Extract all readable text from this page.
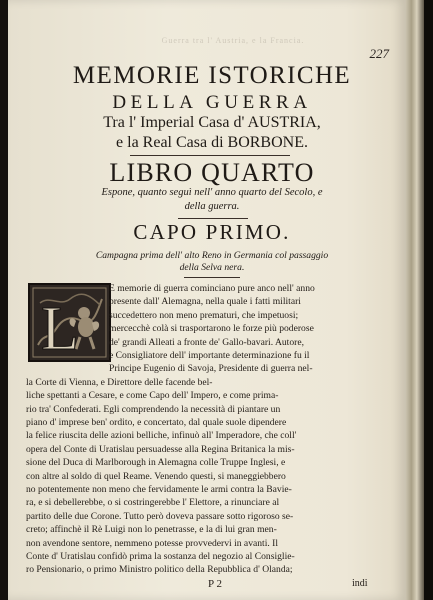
Guerra tra l' Austria, e la Francia.
227
MEMORIE ISTORICHE
DELLA GUERRA
Tra l' Imperial Casa d' AUSTRIA,
e la Real Casa di BORBONE.
LIBRO QUARTO
Espone, quanto seguì nell' anno quarto del Secolo, e
della guerra.
CAPO PRIMO.
Campagna prima dell' alto Reno in Germania col passaggio
della Selva nera.
L
E memorie di guerra cominciano pure anco nell' anno
presente dall' Alemagna, nella quale i fatti militari
succedettero non meno prematuri, che impetuosi;
mercecchè colà si trasportarono le forze più poderose
de' grandi Alleati a fronte de' Gallo-bavari. Autore,
e Consigliatore dell' importante determinazione fu il
Principe Eugenio di Savoja, Presidente di guerra nel-
la Corte di Vienna, e Direttore delle facende bel-
liche spettanti a Cesare, e come Capo dell' Impero, e come prima-
rio tra' Confederati. Egli comprendendo la necessità di piantare un
piano d' imprese ben' ordito, e concertato, dal quale suole dipendere
la felice riuscita delle azioni belliche, infinuò all' Imperadore, che coll'
opera del Conte di Uratislau persuadesse alla Regina Britanica la mis-
sione del Duca di Marlborough in Alemagna colle Truppe Inglesi, e
con altre al soldo di quel Reame. Venendo questi, si maneggiebbero
no potentemente non meno che fervidamente le armi contra la Bavie-
ra, e si debellerebbe, o si costringerebbe l' Elettore, a rinunciare al
partito delle due Corone. Tutto però doveva passare sotto rigoroso se-
creto; affinchè il Rè Luigi non lo penetrasse, e la di lui gran men-
non avendone sentore, nemmeno potesse provvedervi in avanti. Il
Conte d' Uratislau confidò prima la sostanza del negozio al Consiglie-
ro Pensionario, o primo Ministro politico della Repubblica d' Olanda;
P 2	indi
